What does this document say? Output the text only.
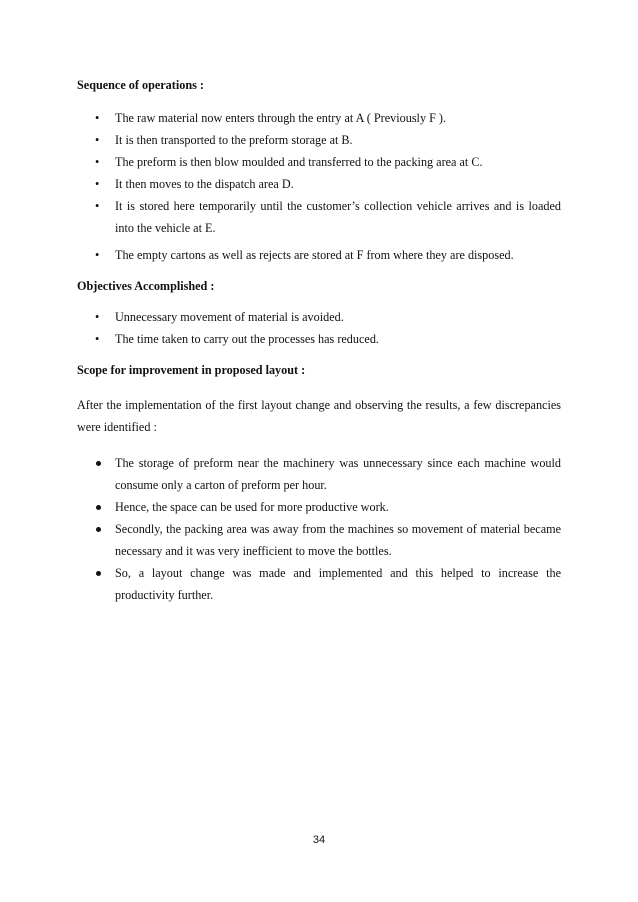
Sequence of operations :

•	The raw material now enters through the entry at A ( Previously F ).
•	It is then transported to the preform storage at B.
•	The preform is then blow moulded and transferred to the packing area at C.
•	It then moves to the dispatch area D.
•	It is stored here temporarily until the customer’s collection vehicle arrives and is loaded into the vehicle at E.
•	The empty cartons as well as rejects are stored at F from where they are disposed.

Objectives Accomplished :

•	Unnecessary movement of material is avoided.
•	The time taken to carry out the processes has reduced.

Scope for improvement in proposed layout :

After the implementation of the first layout change and observing the results, a few discrepancies were identified :

The storage of preform near the machinery was unnecessary since each machine would consume only a carton of preform per hour.
Hence, the space can be used for more productive work.
Secondly, the packing area was away from the machines so movement of material became necessary and it was very inefficient to move the bottles.
So, a layout change was made and implemented and this helped to increase the productivity further.
34
